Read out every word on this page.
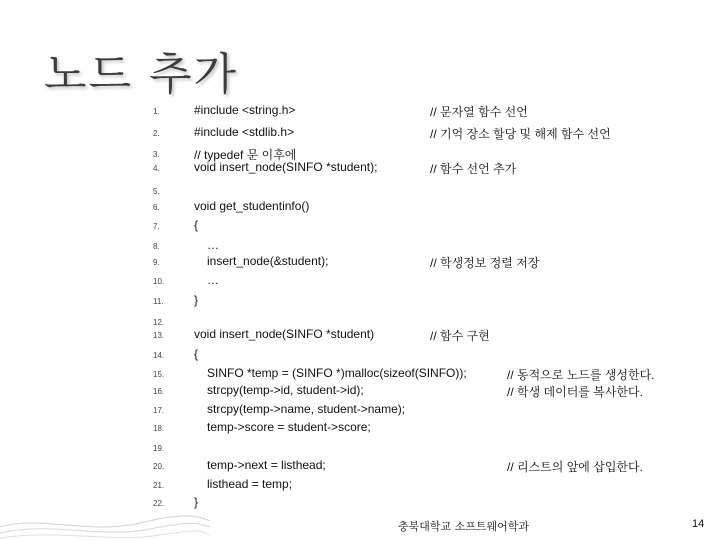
노드 추가
1.	#include <string.h>	// 문자열 함수 선언
2.	#include <stdlib.h>	// 기억 장소 할당 및 해제 함수 선언
3.	// typedef 문 이후에
4.	void insert_node(SINFO *student);	// 함수 선언 추가
5.
6.	void get_studentinfo()
7.	{
8.	…
9.	insert_node(&student);	// 학생정보 정렬 저장
10.	…
11.	}
12.
13. void insert_node(SINFO *student)	// 함수 구현
14. {
15.	SINFO *temp = (SINFO *)malloc(sizeof(SINFO));	// 동적으로 노드를 생성한다.
16.	strcpy(temp->id, student->id);	// 학생 데이터를 복사한다.
17.	strcpy(temp->name, student->name);
18.	temp->score = student->score;
19.
20.	temp->next = listhead;	// 리스트의 앞에 삽입한다.
21.	listhead = temp;
22. }
충북대학교 소프트웨어학과	14
